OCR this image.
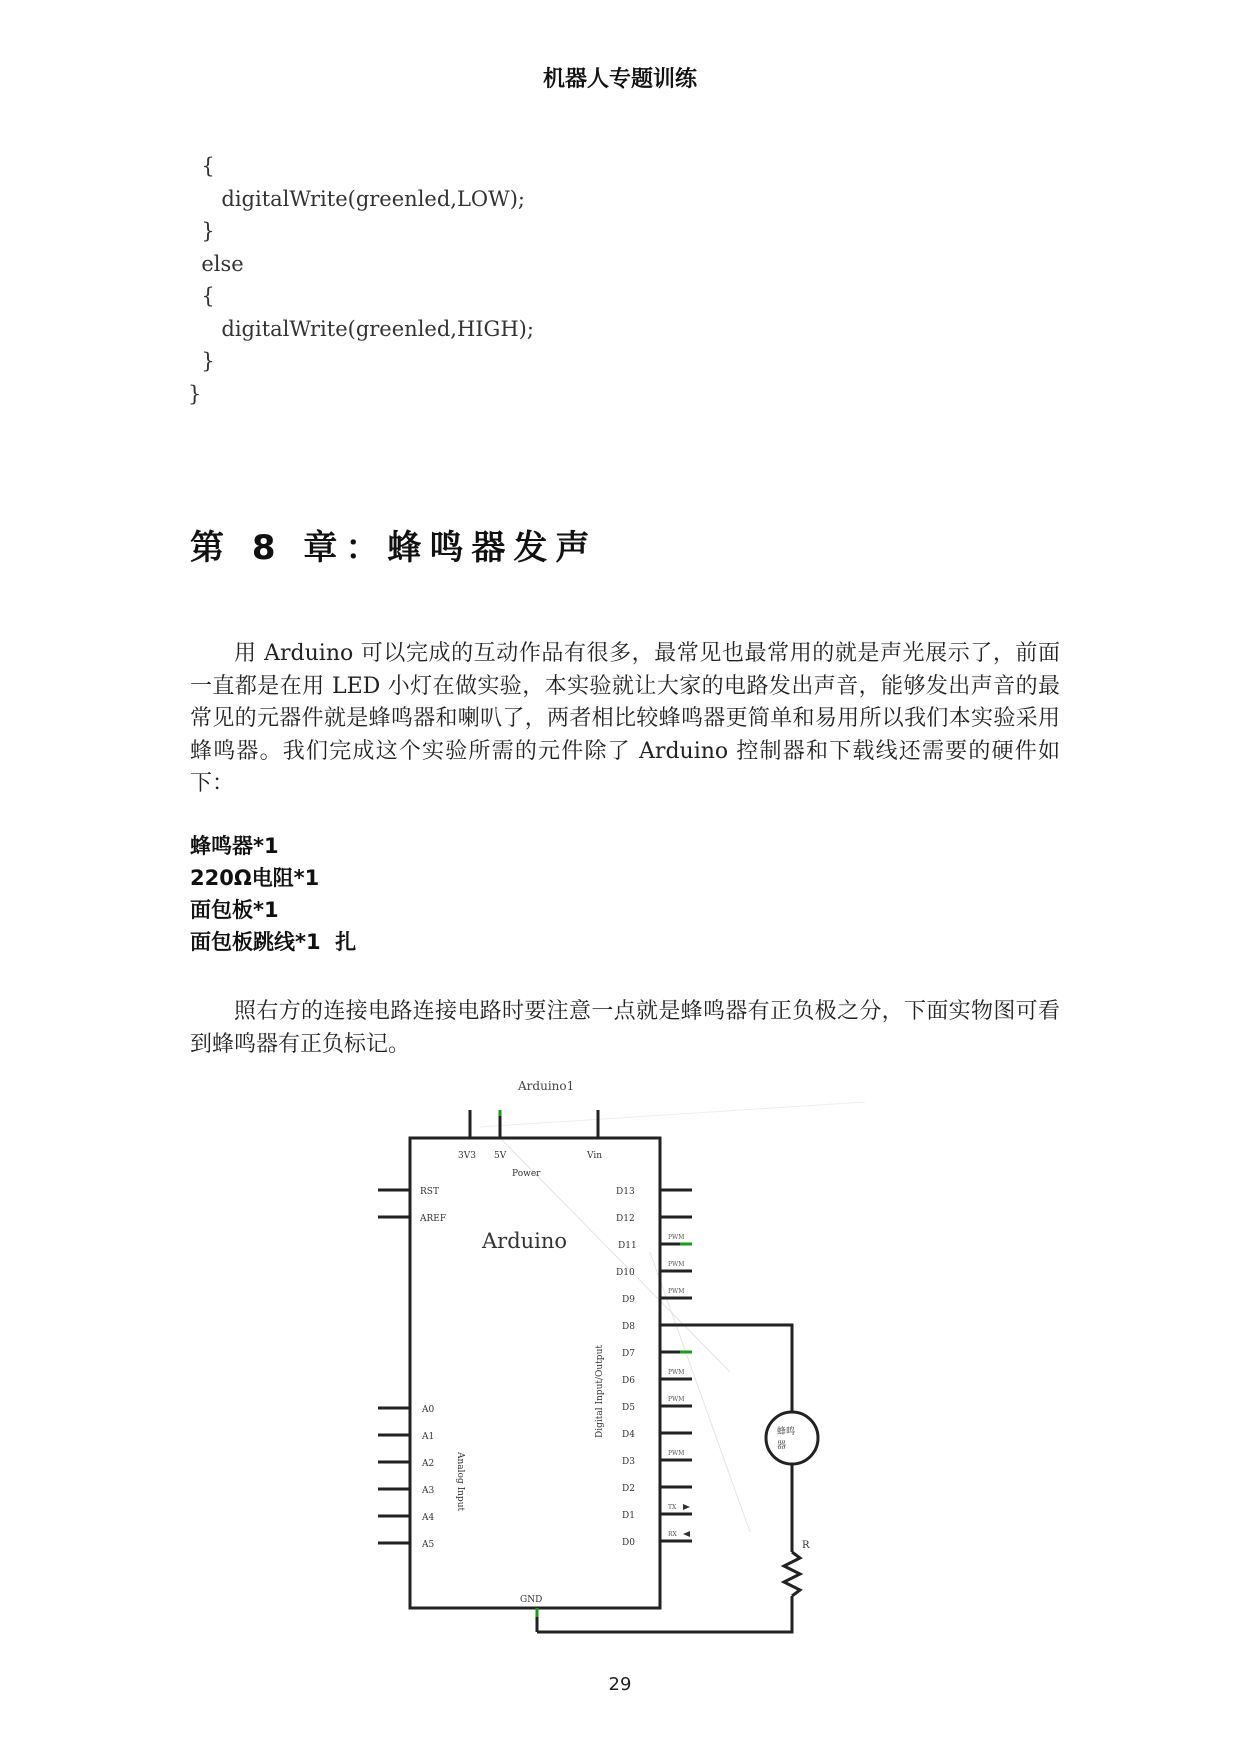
机器人专题训练
{
digitalWrite(greenled,LOW);
}
else
{
digitalWrite(greenled,HIGH);
}
}
第 8 章：蜂鸣器发声

用 Arduino 可以完成的互动作品有很多，最常见也最常用的就是声光展示了，前面一直都是在用 LED 小灯在做实验，本实验就让大家的电路发出声音，能够发出声音的最常见的元器件就是蜂鸣器和喇叭了，两者相比较蜂鸣器更简单和易用所以我们本实验采用蜂鸣器。我们完成这个实验所需的元件除了 Arduino 控制器和下载线还需要的硬件如下：

蜂鸣器*1
220Ω电阻*1
面包板*1
面包板跳线*1  扎

照右方的连接电路连接电路时要注意一点就是蜂鸣器有正负极之分，下面实物图可看到蜂鸣器有正负标记。

Arduino1
3V3 5V	Vin
Power
RST
AREF
Arduino
A0
A1
A2
A3
A4
A5
Analog Input
D13
D12
D11
D10
D9
D8
D7
D6
D5
D4
D3
D2
D1
D0
PWM
PWM
PWM
PWM
PWM
PWM
TX
RX
Digital Input/Output
GND
蜂鸣
器
R
29
